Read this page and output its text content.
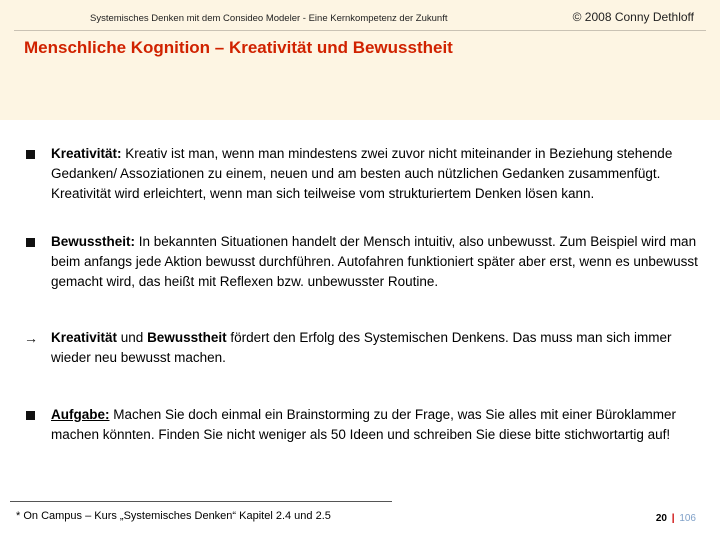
Systemisches Denken mit dem Consideo Modeler - Eine Kernkompetenz der Zukunft	© 2008 Conny Dethloff
Menschliche Kognition – Kreativität und Bewusstheit
Kreativität: Kreativ ist man, wenn man mindestens zwei zuvor nicht miteinander in Beziehung stehende Gedanken/ Assoziationen zu einem, neuen und am besten auch nützlichen Gedanken zusammenfügt. Kreativität wird erleichtert, wenn man sich teilweise vom strukturiertem Denken lösen kann.
Bewusstheit: In bekannten Situationen handelt der Mensch intuitiv, also unbewusst. Zum Beispiel wird man beim anfangs jede Aktion bewusst durchführen. Autofahren funktioniert später aber erst, wenn es unbewusst gemacht wird, das heißt mit Reflexen bzw. unbewusster Routine.
→ Kreativität und Bewusstheit fördert den Erfolg des Systemischen Denkens. Das muss man sich immer wieder neu bewusst machen.
Aufgabe: Machen Sie doch einmal ein Brainstorming zu der Frage, was Sie alles mit einer Büroklammer machen könnten. Finden Sie nicht weniger als 50 Ideen und schreiben Sie diese bitte stichwortartig auf!
* On Campus – Kurs „Systemisches Denken“ Kapitel 2.4 und 2.5	20 | 106
